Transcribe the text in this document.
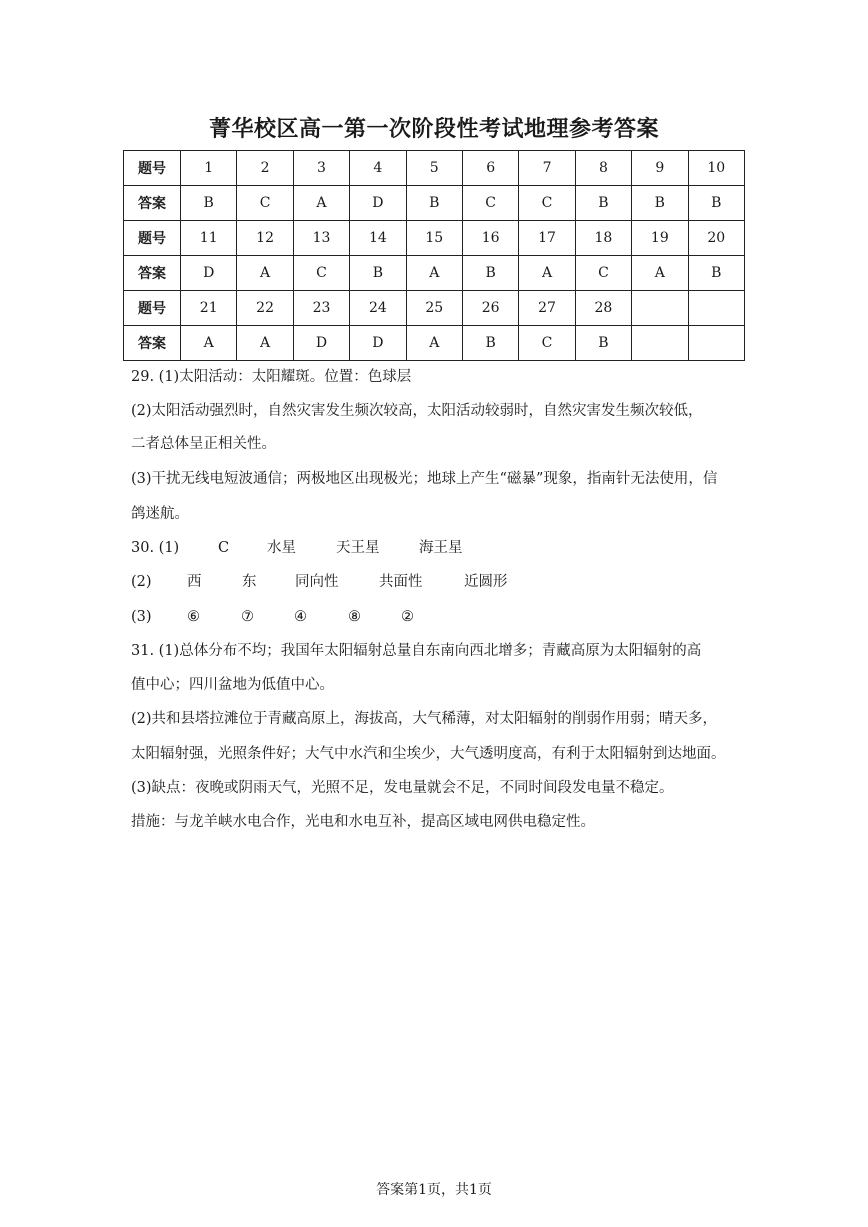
菁华校区高一第一次阶段性考试地理参考答案
题号	1	2	3	4	5	6	7	8	9	10
答案	B	C	A	D	B	C	C	B	B	B
题号	11	12	13	14	15	16	17	18	19	20
答案	D	A	C	B	A	B	A	C	A	B
题号	21	22	23	24	25	26	27	28		
答案	A	A	D	D	A	B	C	B		
29. (1)太阳活动：太阳耀斑。位置：色球层
(2)太阳活动强烈时，自然灾害发生频次较高，太阳活动较弱时，自然灾害发生频次较低，
二者总体呈正相关性。
(3)干扰无线电短波通信；两极地区出现极光；地球上产生“磁暴”现象，指南针无法使用，信
鸽迷航。
30. (1)	C	水星	天王星	海王星
(2) 西	东	同向性	共面性	近圆形
(3) ⑥	⑦	④	⑧	②
31. (1)总体分布不均；我国年太阳辐射总量自东南向西北增多；青藏高原为太阳辐射的高
值中心；四川盆地为低值中心。
(2)共和县塔拉滩位于青藏高原上，海拔高，大气稀薄，对太阳辐射的削弱作用弱；晴天多，
太阳辐射强，光照条件好；大气中水汽和尘埃少，大气透明度高，有利于太阳辐射到达地面。
(3)缺点：夜晚或阴雨天气，光照不足，发电量就会不足，不同时间段发电量不稳定。
措施：与龙羊峡水电合作，光电和水电互补，提高区域电网供电稳定性。
答案第1页，共1页
